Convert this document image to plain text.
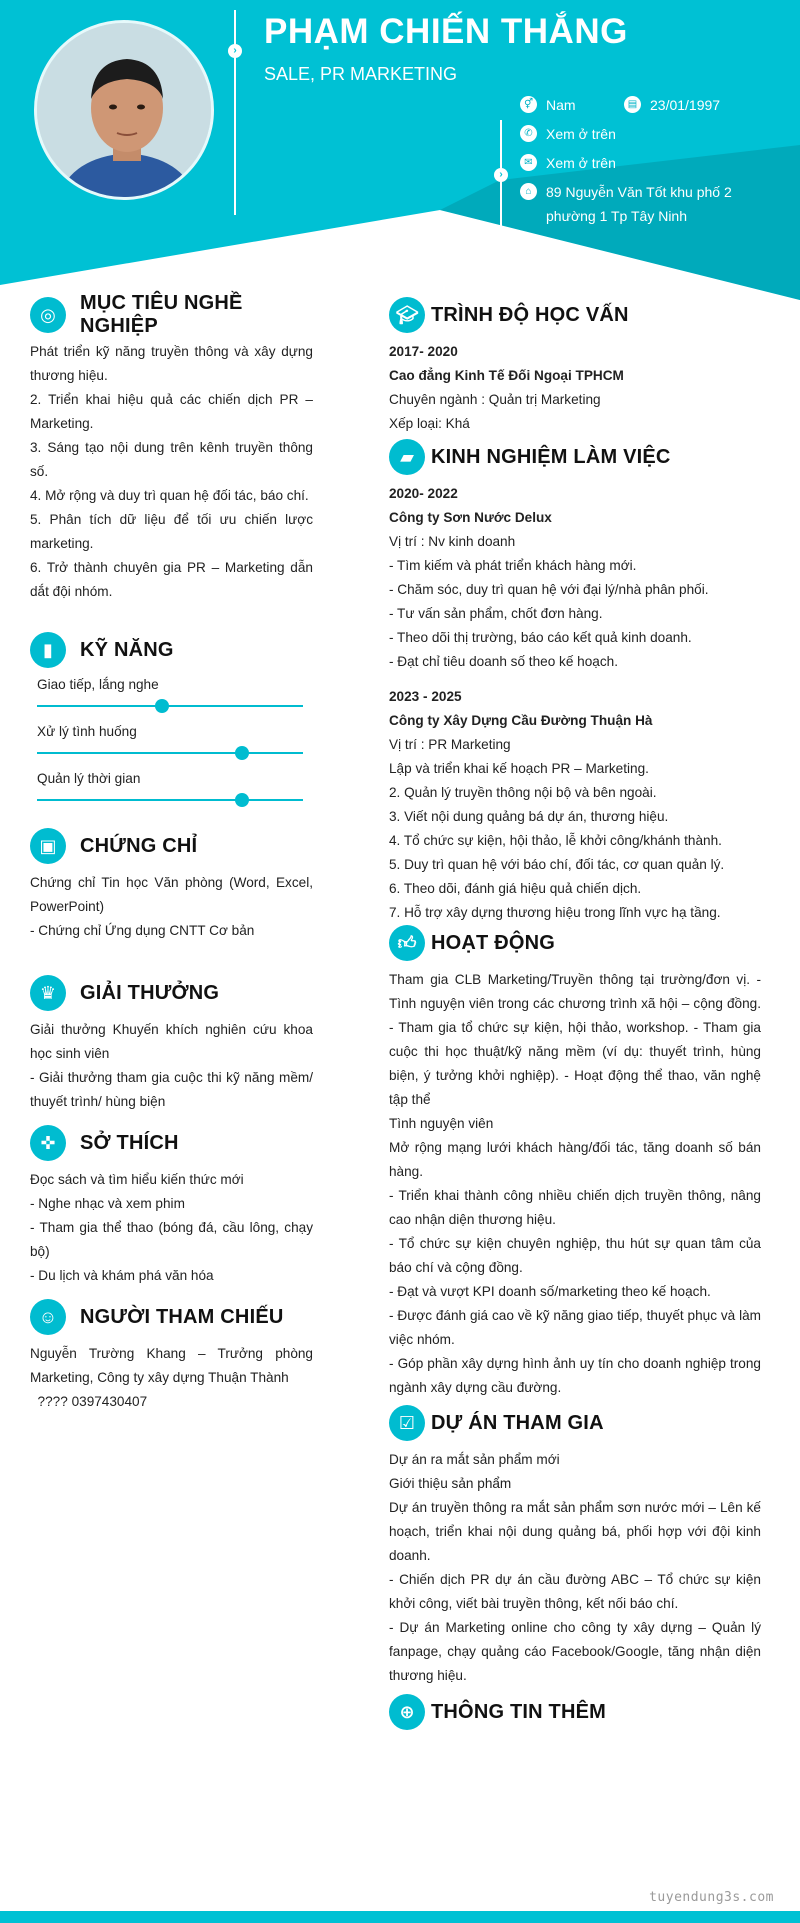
› PHẠM CHIẾN THẮNG
SALE, PR MARKETING
›
⚥ Nam	▤ 23/01/1997
✆ Xem ở trên
✉ Xem ở trên
⌂	89 Nguyễn Văn Tốt khu phố 2
phường 1 Tp Tây Ninh
◎
MỤC TIÊU NGHỀ NGHIỆP
Phát triển kỹ năng truyền thông và xây dựng thương hiệu.
2. Triển khai hiệu quả các chiến dịch PR – Marketing.
3. Sáng tạo nội dung trên kênh truyền thông số.
4. Mở rộng và duy trì quan hệ đối tác, báo chí.
5. Phân tích dữ liệu để tối ưu chiến lược marketing.
6. Trở thành chuyên gia PR – Marketing dẫn dắt đội nhóm.
▮	KỸ NĂNG
Giao tiếp, lắng nghe
Xử lý tình huống
Quản lý thời gian
▣	CHỨNG CHỈ
Chứng chỉ Tin học Văn phòng (Word, Excel, PowerPoint)
- Chứng chỉ Ứng dụng CNTT Cơ bản
♛	GIẢI THƯỞNG
Giải thưởng Khuyến khích nghiên cứu khoa học sinh viên
- Giải thưởng tham gia cuộc thi kỹ năng mềm/ thuyết trình/ hùng biện
✜	SỞ THÍCH
Đọc sách và tìm hiểu kiến thức mới
- Nghe nhạc và xem phim
- Tham gia thể thao (bóng đá, cầu lông, chạy bộ)
- Du lịch và khám phá văn hóa
☺	NGƯỜI THAM CHIẾU
Nguyễn Trường Khang – Trưởng phòng Marketing, Công ty xây dựng Thuận Thành
???? 0397430407
🎓︎ TRÌNH ĐỘ HỌC VẤN
2017- 2020
Cao đẳng Kinh Tế Đối Ngoại TPHCM
Chuyên ngành : Quản trị Marketing
Xếp loại: Khá
▰ KINH NGHIỆM LÀM VIỆC
2020- 2022
Công ty Sơn Nước Delux
Vị trí : Nv kinh doanh
- Tìm kiếm và phát triển khách hàng mới.
- Chăm sóc, duy trì quan hệ với đại lý/nhà phân phối.
- Tư vấn sản phẩm, chốt đơn hàng.
- Theo dõi thị trường, báo cáo kết quả kinh doanh.
- Đạt chỉ tiêu doanh số theo kế hoạch.
2023 - 2025
Công ty Xây Dựng Cầu Đường Thuận Hà
Vị trí : PR Marketing
Lập và triển khai kế hoạch PR – Marketing.
2. Quản lý truyền thông nội bộ và bên ngoài.
3. Viết nội dung quảng bá dự án, thương hiệu.
4. Tổ chức sự kiện, hội thảo, lễ khởi công/khánh thành.
5. Duy trì quan hệ với báo chí, đối tác, cơ quan quản lý.
6. Theo dõi, đánh giá hiệu quả chiến dịch.
7. Hỗ trợ xây dựng thương hiệu trong lĩnh vực hạ tầng.
👍︎ HOẠT ĐỘNG
Tham gia CLB Marketing/Truyền thông tại trường/đơn vị. - Tình nguyện viên trong các chương trình xã hội – cộng đồng. - Tham gia tổ chức sự kiện, hội thảo, workshop. - Tham gia cuộc thi học thuật/kỹ năng mềm (ví dụ: thuyết trình, hùng biện, ý tưởng khởi nghiệp). - Hoạt động thể thao, văn nghệ tập thể
Tình nguyện viên
Mở rộng mạng lưới khách hàng/đối tác, tăng doanh số bán hàng.
- Triển khai thành công nhiều chiến dịch truyền thông, nâng cao nhận diện thương hiệu.
- Tổ chức sự kiện chuyên nghiệp, thu hút sự quan tâm của báo chí và cộng đồng.
- Đạt và vượt KPI doanh số/marketing theo kế hoạch.
- Được đánh giá cao về kỹ năng giao tiếp, thuyết phục và làm việc nhóm.
- Góp phần xây dựng hình ảnh uy tín cho doanh nghiệp trong ngành xây dựng cầu đường.
☑ DỰ ÁN THAM GIA
Dự án ra mắt sản phẩm mới
Giới thiệu sản phẩm
Dự án truyền thông ra mắt sản phẩm sơn nước mới – Lên kế hoạch, triển khai nội dung quảng bá, phối hợp với đội kinh doanh.
- Chiến dịch PR dự án cầu đường ABC – Tổ chức sự kiện khởi công, viết bài truyền thông, kết nối báo chí.
- Dự án Marketing online cho công ty xây dựng – Quản lý fanpage, chạy quảng cáo Facebook/Google, tăng nhận diện thương hiệu.
⊕ THÔNG TIN THÊM
tuyendung3s.com
